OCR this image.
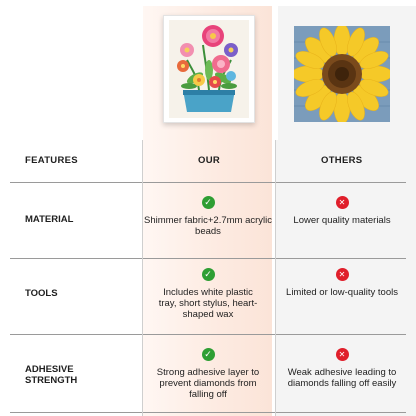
FEATURES	OUR	OTHERS
MATERIAL
✓
Shimmer fabric+2.7mm acrylic beads
✕
Lower quality materials
TOOLS
✓
Includes white plastic tray, short stylus, heart-shaped wax
✕
Limited or low-quality tools
ADHESIVE
STRENGTH
✓
Strong adhesive layer to prevent diamonds from falling off
✕
Weak adhesive leading to diamonds falling off easily
